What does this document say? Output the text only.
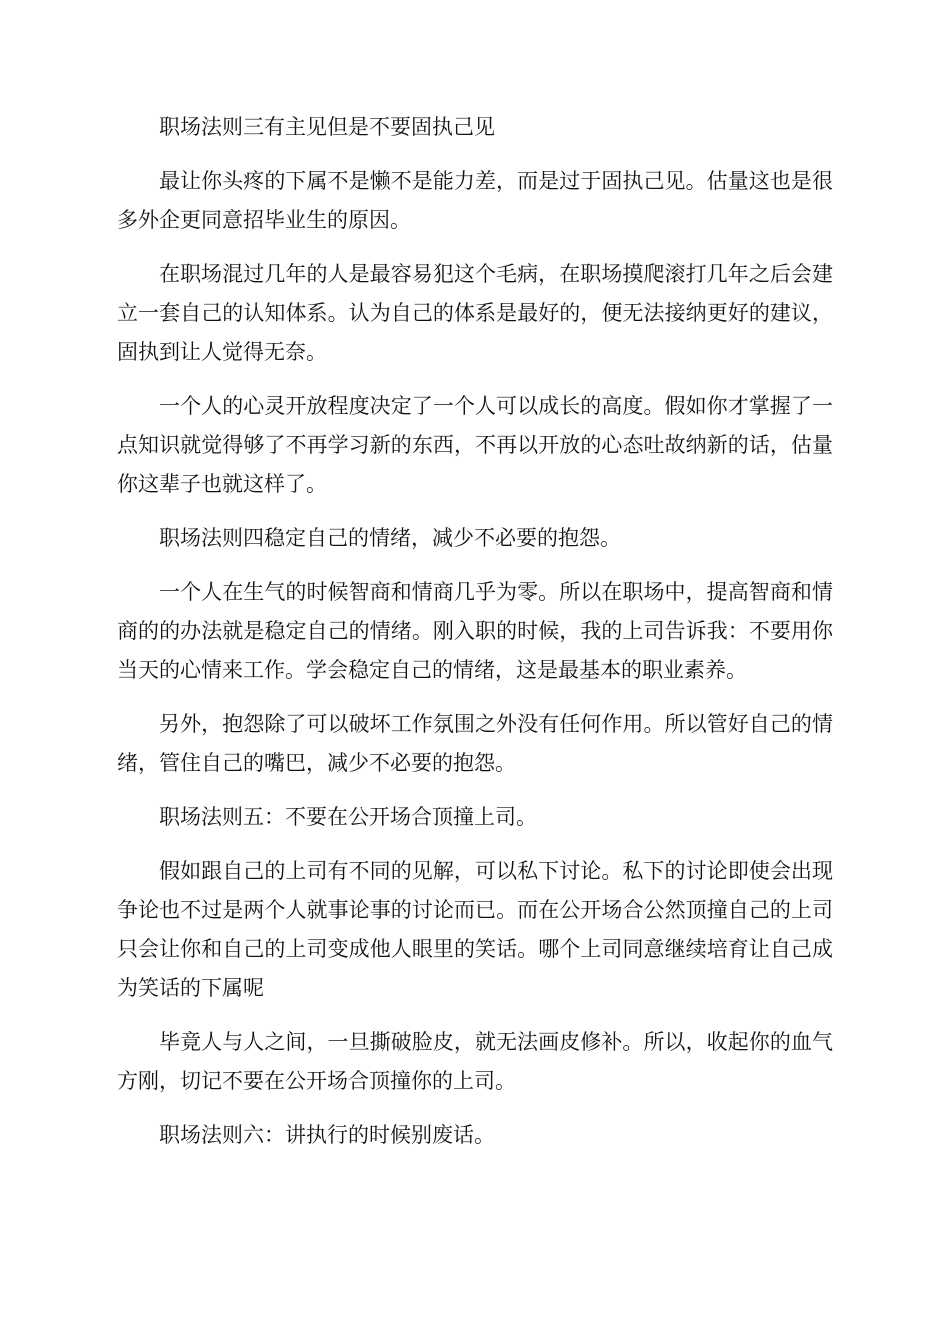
职场法则三有主见但是不要固执己见

最让你头疼的下属不是懒不是能力差，而是过于固执己见。估量这也是很多外企更同意招毕业生的原因。

在职场混过几年的人是最容易犯这个毛病，在职场摸爬滚打几年之后会建立一套自己的认知体系。认为自己的体系是最好的，便无法接纳更好的建议，固执到让人觉得无奈。

一个人的心灵开放程度决定了一个人可以成长的高度。假如你才掌握了一点知识就觉得够了不再学习新的东西，不再以开放的心态吐故纳新的话，估量你这辈子也就这样了。

职场法则四稳定自己的情绪，减少不必要的抱怨。

一个人在生气的时候智商和情商几乎为零。所以在职场中，提高智商和情商的的办法就是稳定自己的情绪。刚入职的时候，我的上司告诉我：不要用你当天的心情来工作。学会稳定自己的情绪，这是最基本的职业素养。

另外，抱怨除了可以破坏工作氛围之外没有任何作用。所以管好自己的情绪，管住自己的嘴巴，减少不必要的抱怨。

职场法则五：不要在公开场合顶撞上司。

假如跟自己的上司有不同的见解，可以私下讨论。私下的讨论即使会出现争论也不过是两个人就事论事的讨论而已。而在公开场合公然顶撞自己的上司只会让你和自己的上司变成他人眼里的笑话。哪个上司同意继续培育让自己成为笑话的下属呢

毕竟人与人之间，一旦撕破脸皮，就无法画皮修补。所以，收起你的血气方刚，切记不要在公开场合顶撞你的上司。

职场法则六：讲执行的时候别废话。
